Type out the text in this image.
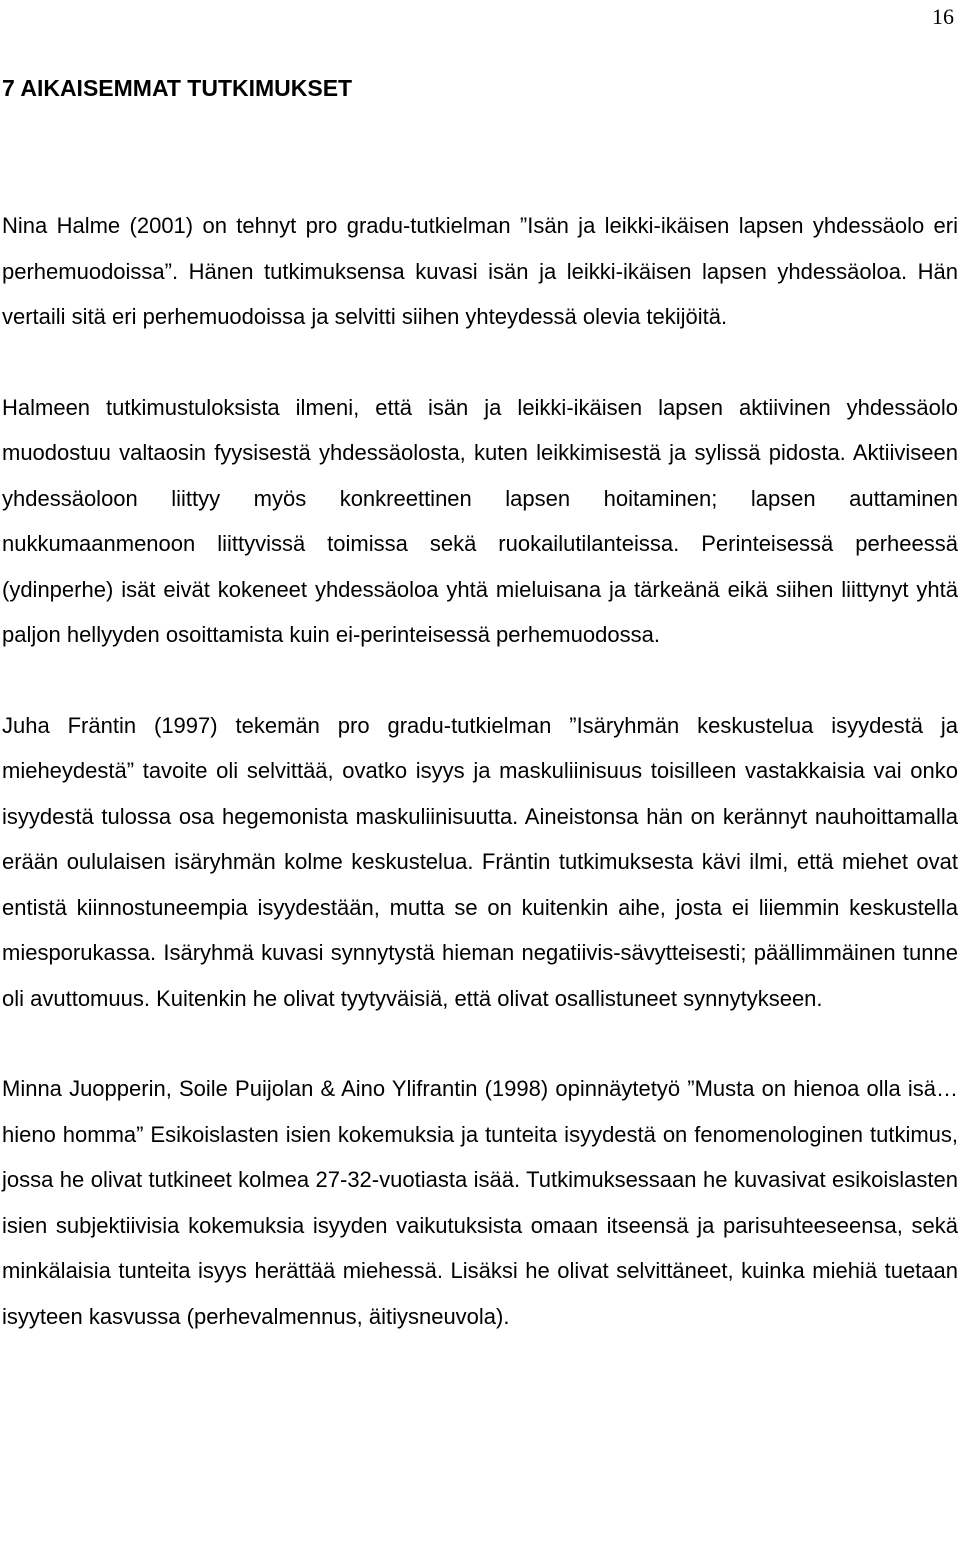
16
7 AIKAISEMMAT TUTKIMUKSET

Nina Halme (2001) on tehnyt pro gradu-tutkielman ”Isän ja leikki-ikäisen lapsen yhdessäolo eri perhemuodoissa”. Hänen tutkimuksensa kuvasi isän ja leikki-ikäisen lapsen yhdessäoloa. Hän vertaili sitä eri perhemuodoissa ja selvitti siihen yhteydessä olevia tekijöitä.

Halmeen tutkimustuloksista ilmeni, että isän ja leikki-ikäisen lapsen aktiivinen yhdessäolo muodostuu valtaosin fyysisestä yhdessäolosta, kuten leikkimisestä ja sylissä pidosta. Aktiiviseen yhdessäoloon liittyy myös konkreettinen lapsen hoitaminen; lapsen auttaminen nukkumaanmenoon liittyvissä toimissa sekä ruokailutilanteissa. Perinteisessä perheessä (ydinperhe) isät eivät kokeneet yhdessäoloa yhtä mieluisana ja tärkeänä eikä siihen liittynyt yhtä paljon hellyyden osoittamista kuin ei-perinteisessä perhemuodossa.

Juha Fräntin (1997) tekemän pro gradu-tutkielman ”Isäryhmän keskustelua isyydestä ja mieheydestä” tavoite oli selvittää, ovatko isyys ja maskuliinisuus toisilleen vastakkaisia vai onko isyydestä tulossa osa hegemonista maskuliinisuutta. Aineistonsa hän on kerännyt nauhoittamalla erään oululaisen isäryhmän kolme keskustelua. Fräntin tutkimuksesta kävi ilmi, että miehet ovat entistä kiinnostuneempia isyydestään, mutta se on kuitenkin aihe, josta ei liiemmin keskustella miesporukassa. Isäryhmä kuvasi synnytystä hieman negatiivis-sävytteisesti; päällimmäinen tunne oli avuttomuus. Kuitenkin he olivat tyytyväisiä, että olivat osallistuneet synnytykseen.

Minna Juopperin, Soile Puijolan & Aino Ylifrantin (1998) opinnäytetyö ”Musta on hienoa olla isä… hieno homma” Esikoislasten isien kokemuksia ja tunteita isyydestä on fenomenologinen tutkimus, jossa he olivat tutkineet kolmea 27-32-vuotiasta isää. Tutkimuksessaan he kuvasivat esikoislasten isien subjektiivisia kokemuksia isyyden vaikutuksista omaan itseensä ja parisuhteeseensa, sekä minkälaisia tunteita isyys herättää miehessä. Lisäksi he olivat selvittäneet, kuinka miehiä tuetaan isyyteen kasvussa (perhevalmennus, äitiysneuvola).
